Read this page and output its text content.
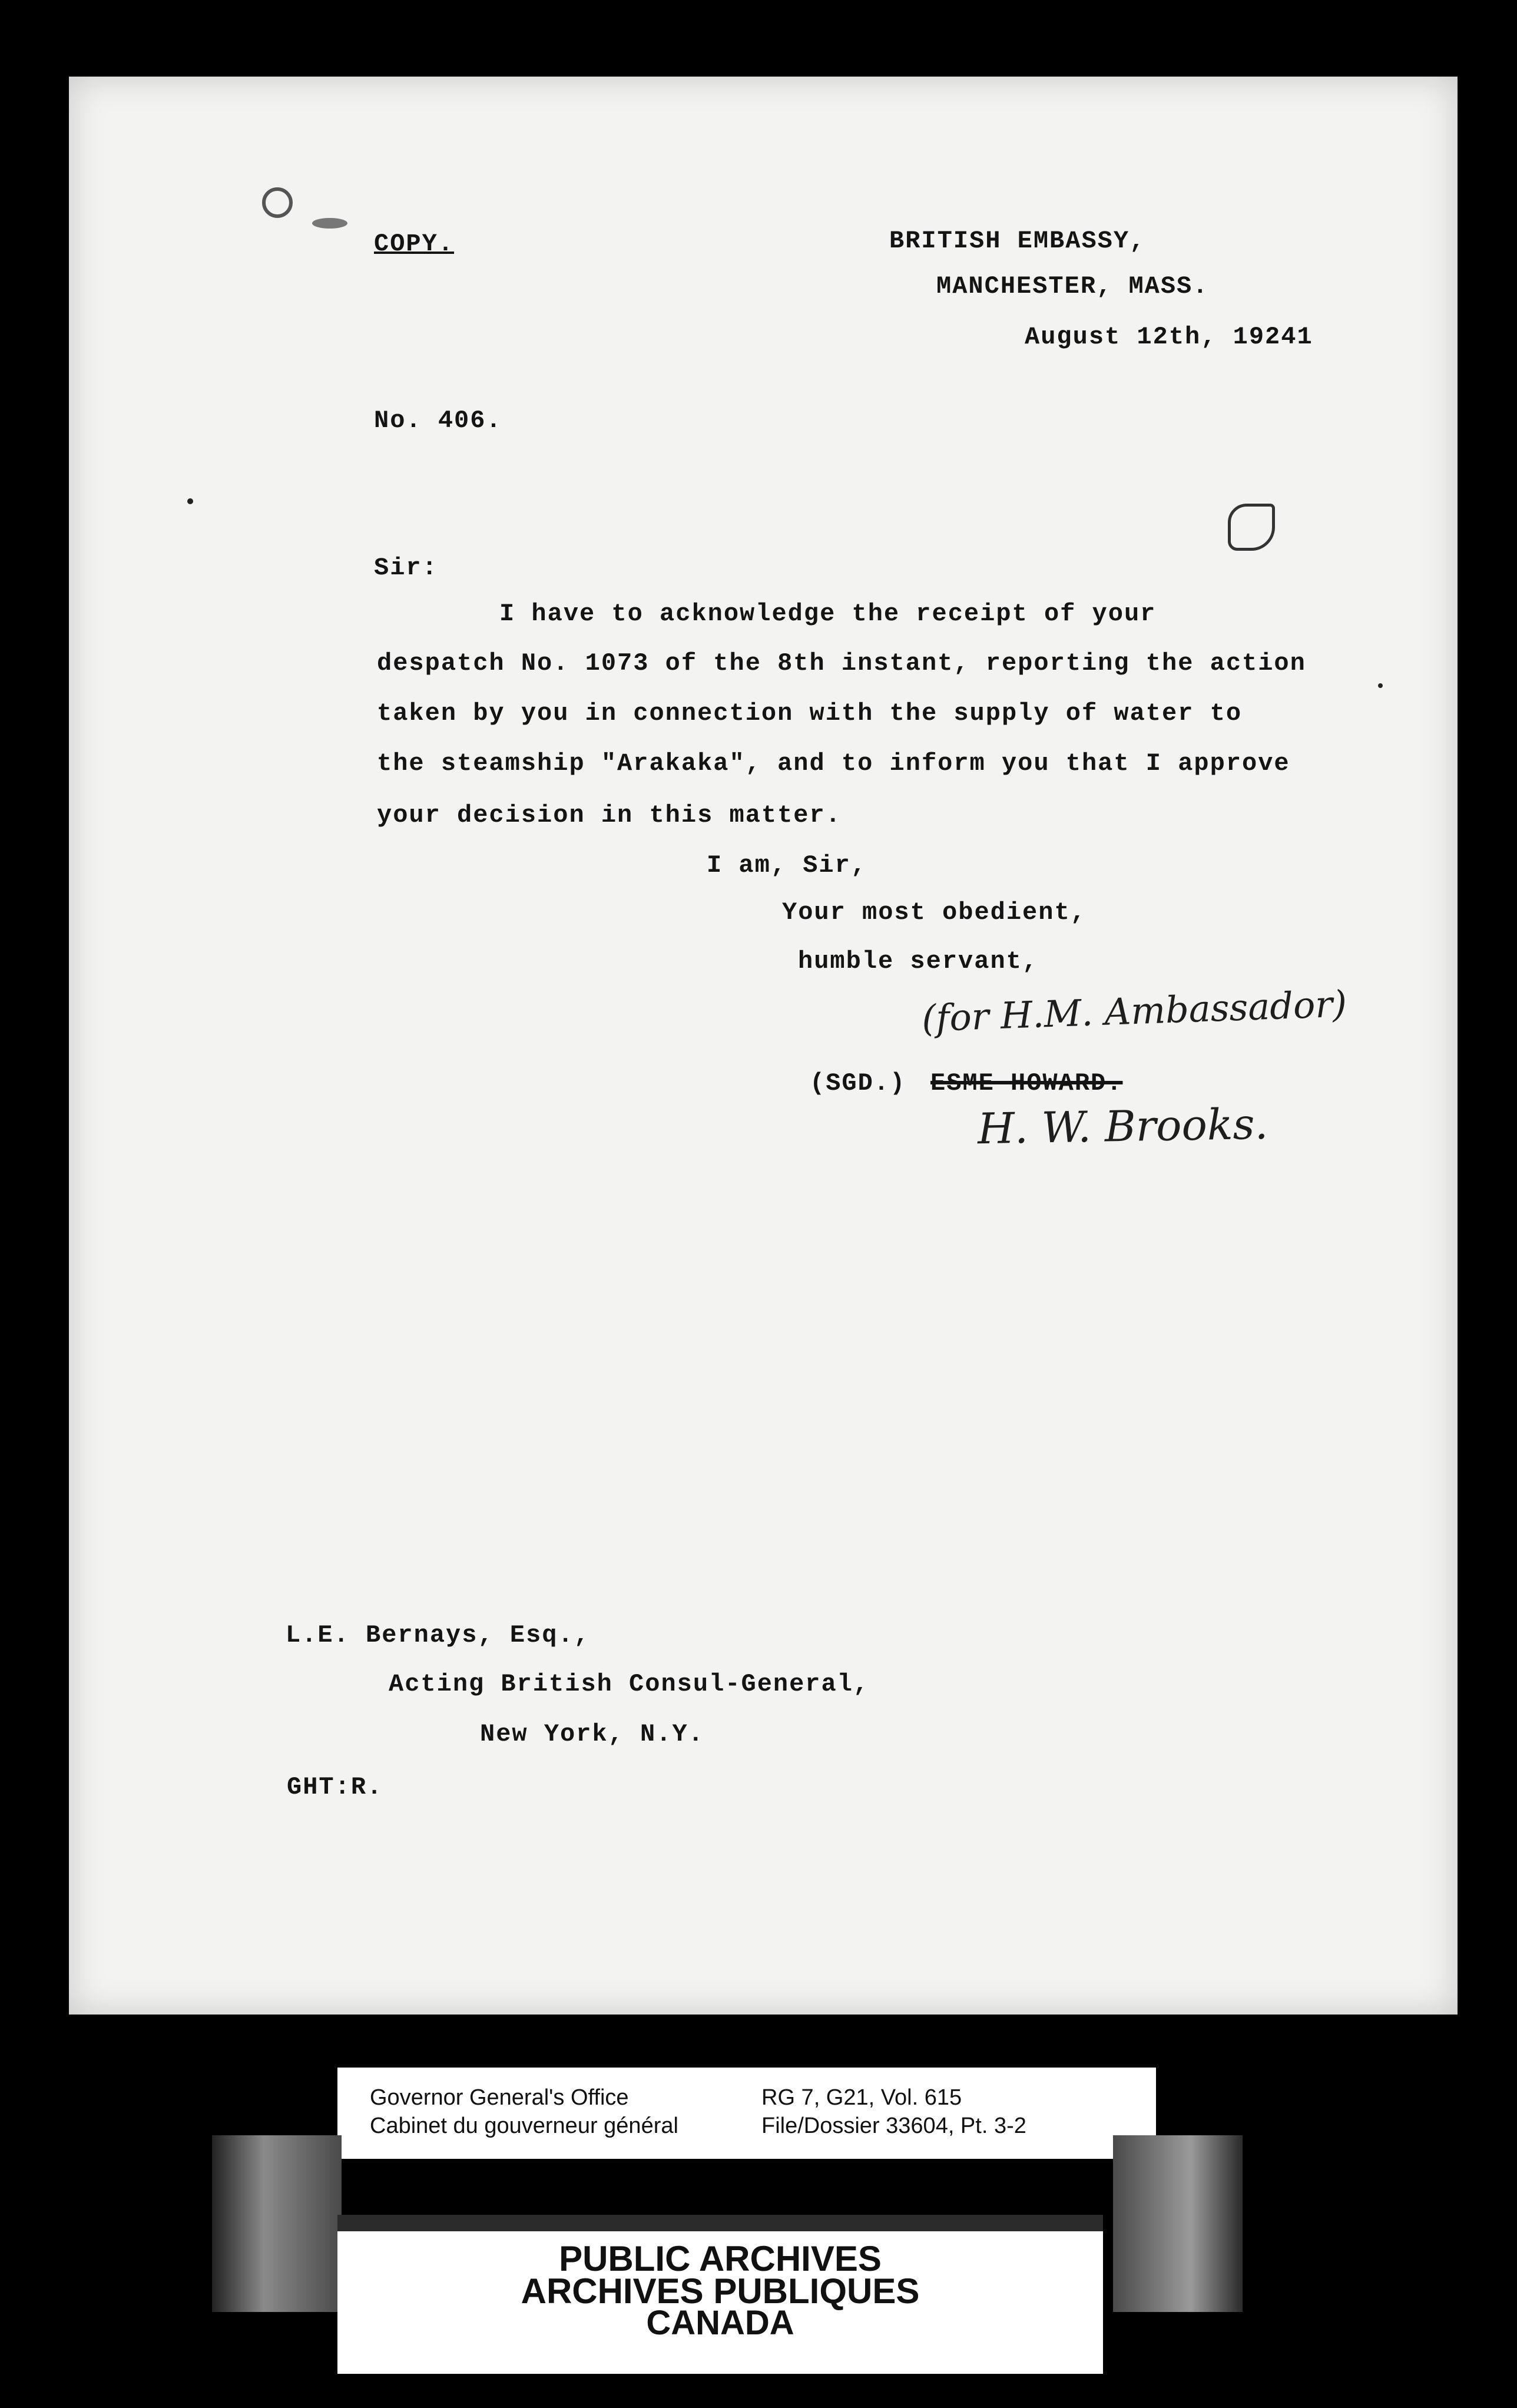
COPY.	BRITISH EMBASSY,
MANCHESTER, MASS.
August 12th, 19241
No. 406.
Sir:
I have to acknowledge the receipt of your
despatch No. 1073 of the 8th instant, reporting the action
taken by you in connection with the supply of water to
the steamship "Arakaka", and to inform you that I approve
your decision in this matter.
I am, Sir,
Your most obedient,
humble servant,
(for H.M. Ambassador)
(SGD.) ESME HOWARD.
H. W. Brooks.
L.E. Bernays, Esq.,
Acting British Consul-General,
New York, N.Y.
GHT:R.
Governor General's Office
Cabinet du gouverneur général
RG 7, G21, Vol. 615
File/Dossier 33604, Pt. 3-2
PUBLIC ARCHIVES
ARCHIVES PUBLIQUES
CANADA
